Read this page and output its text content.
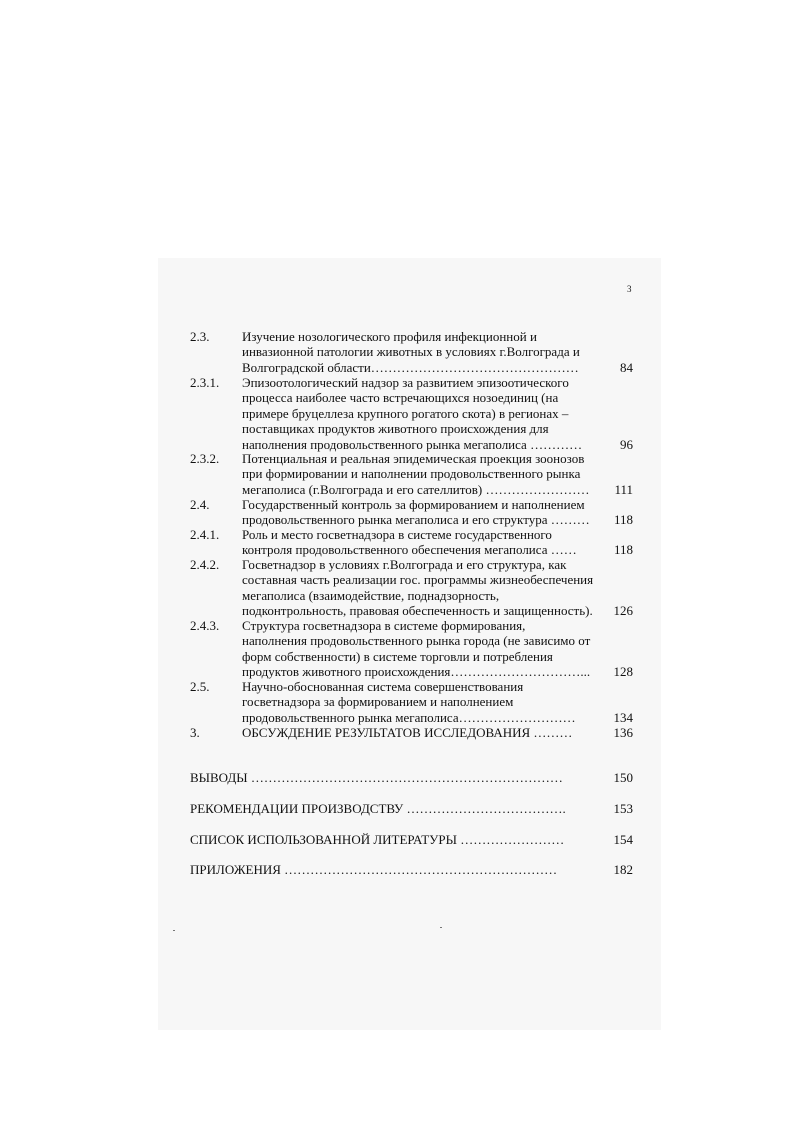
3
2.3.	Изучение нозологического профиля инфекционной и
инвазионной патологии животных в условиях г.Волгограда и
Волгоградской области…………………………………………	84
2.3.1. Эпизоотологический надзор за развитием эпизоотического
процесса наиболее часто встречающихся нозоединиц (на
примере бруцеллеза крупного рогатого скота) в регионах –
поставщиках продуктов животного происхождения для
наполнения продовольственного рынка мегаполиса …………	96
2.3.2. Потенциальная и реальная эпидемическая проекция зоонозов
при формировании и наполнении продовольственного рынка
мегаполиса (г.Волгограда и его сателлитов) ……………………	111
2.4.	Государственный контроль за формированием и наполнением
продовольственного рынка мегаполиса и его структура ………	118
2.4.1. Роль и место госветнадзора в системе государственного
контроля продовольственного обеспечения мегаполиса ……	118
2.4.2. Госветнадзор в условиях г.Волгограда и его структура, как
составная часть реализации гос. программы жизнеобеспечения
мегаполиса (взаимодействие, поднадзорность,
подконтрольность, правовая обеспеченность и защищенность).	126
2.4.3. Структура госветнадзора в системе формирования,
наполнения продовольственного рынка города (не зависимо от
форм собственности) в системе торговли и потребления
продуктов животного происхождения…………………………...	128
2.5.	Научно-обоснованная система совершенствования
госветнадзора за формированием и наполнением
продовольственного рынка мегаполиса………………………	134
3.	ОБСУЖДЕНИЕ РЕЗУЛЬТАТОВ ИССЛЕДОВАНИЯ ………	136
ВЫВОДЫ ………………………………………………………………	150
РЕКОМЕНДАЦИИ ПРОИЗВОДСТВУ ……………………………….	153
СПИСОК ИСПОЛЬЗОВАННОЙ ЛИТЕРАТУРЫ ……………………	154
ПРИЛОЖЕНИЯ ………………………………………………………	182
